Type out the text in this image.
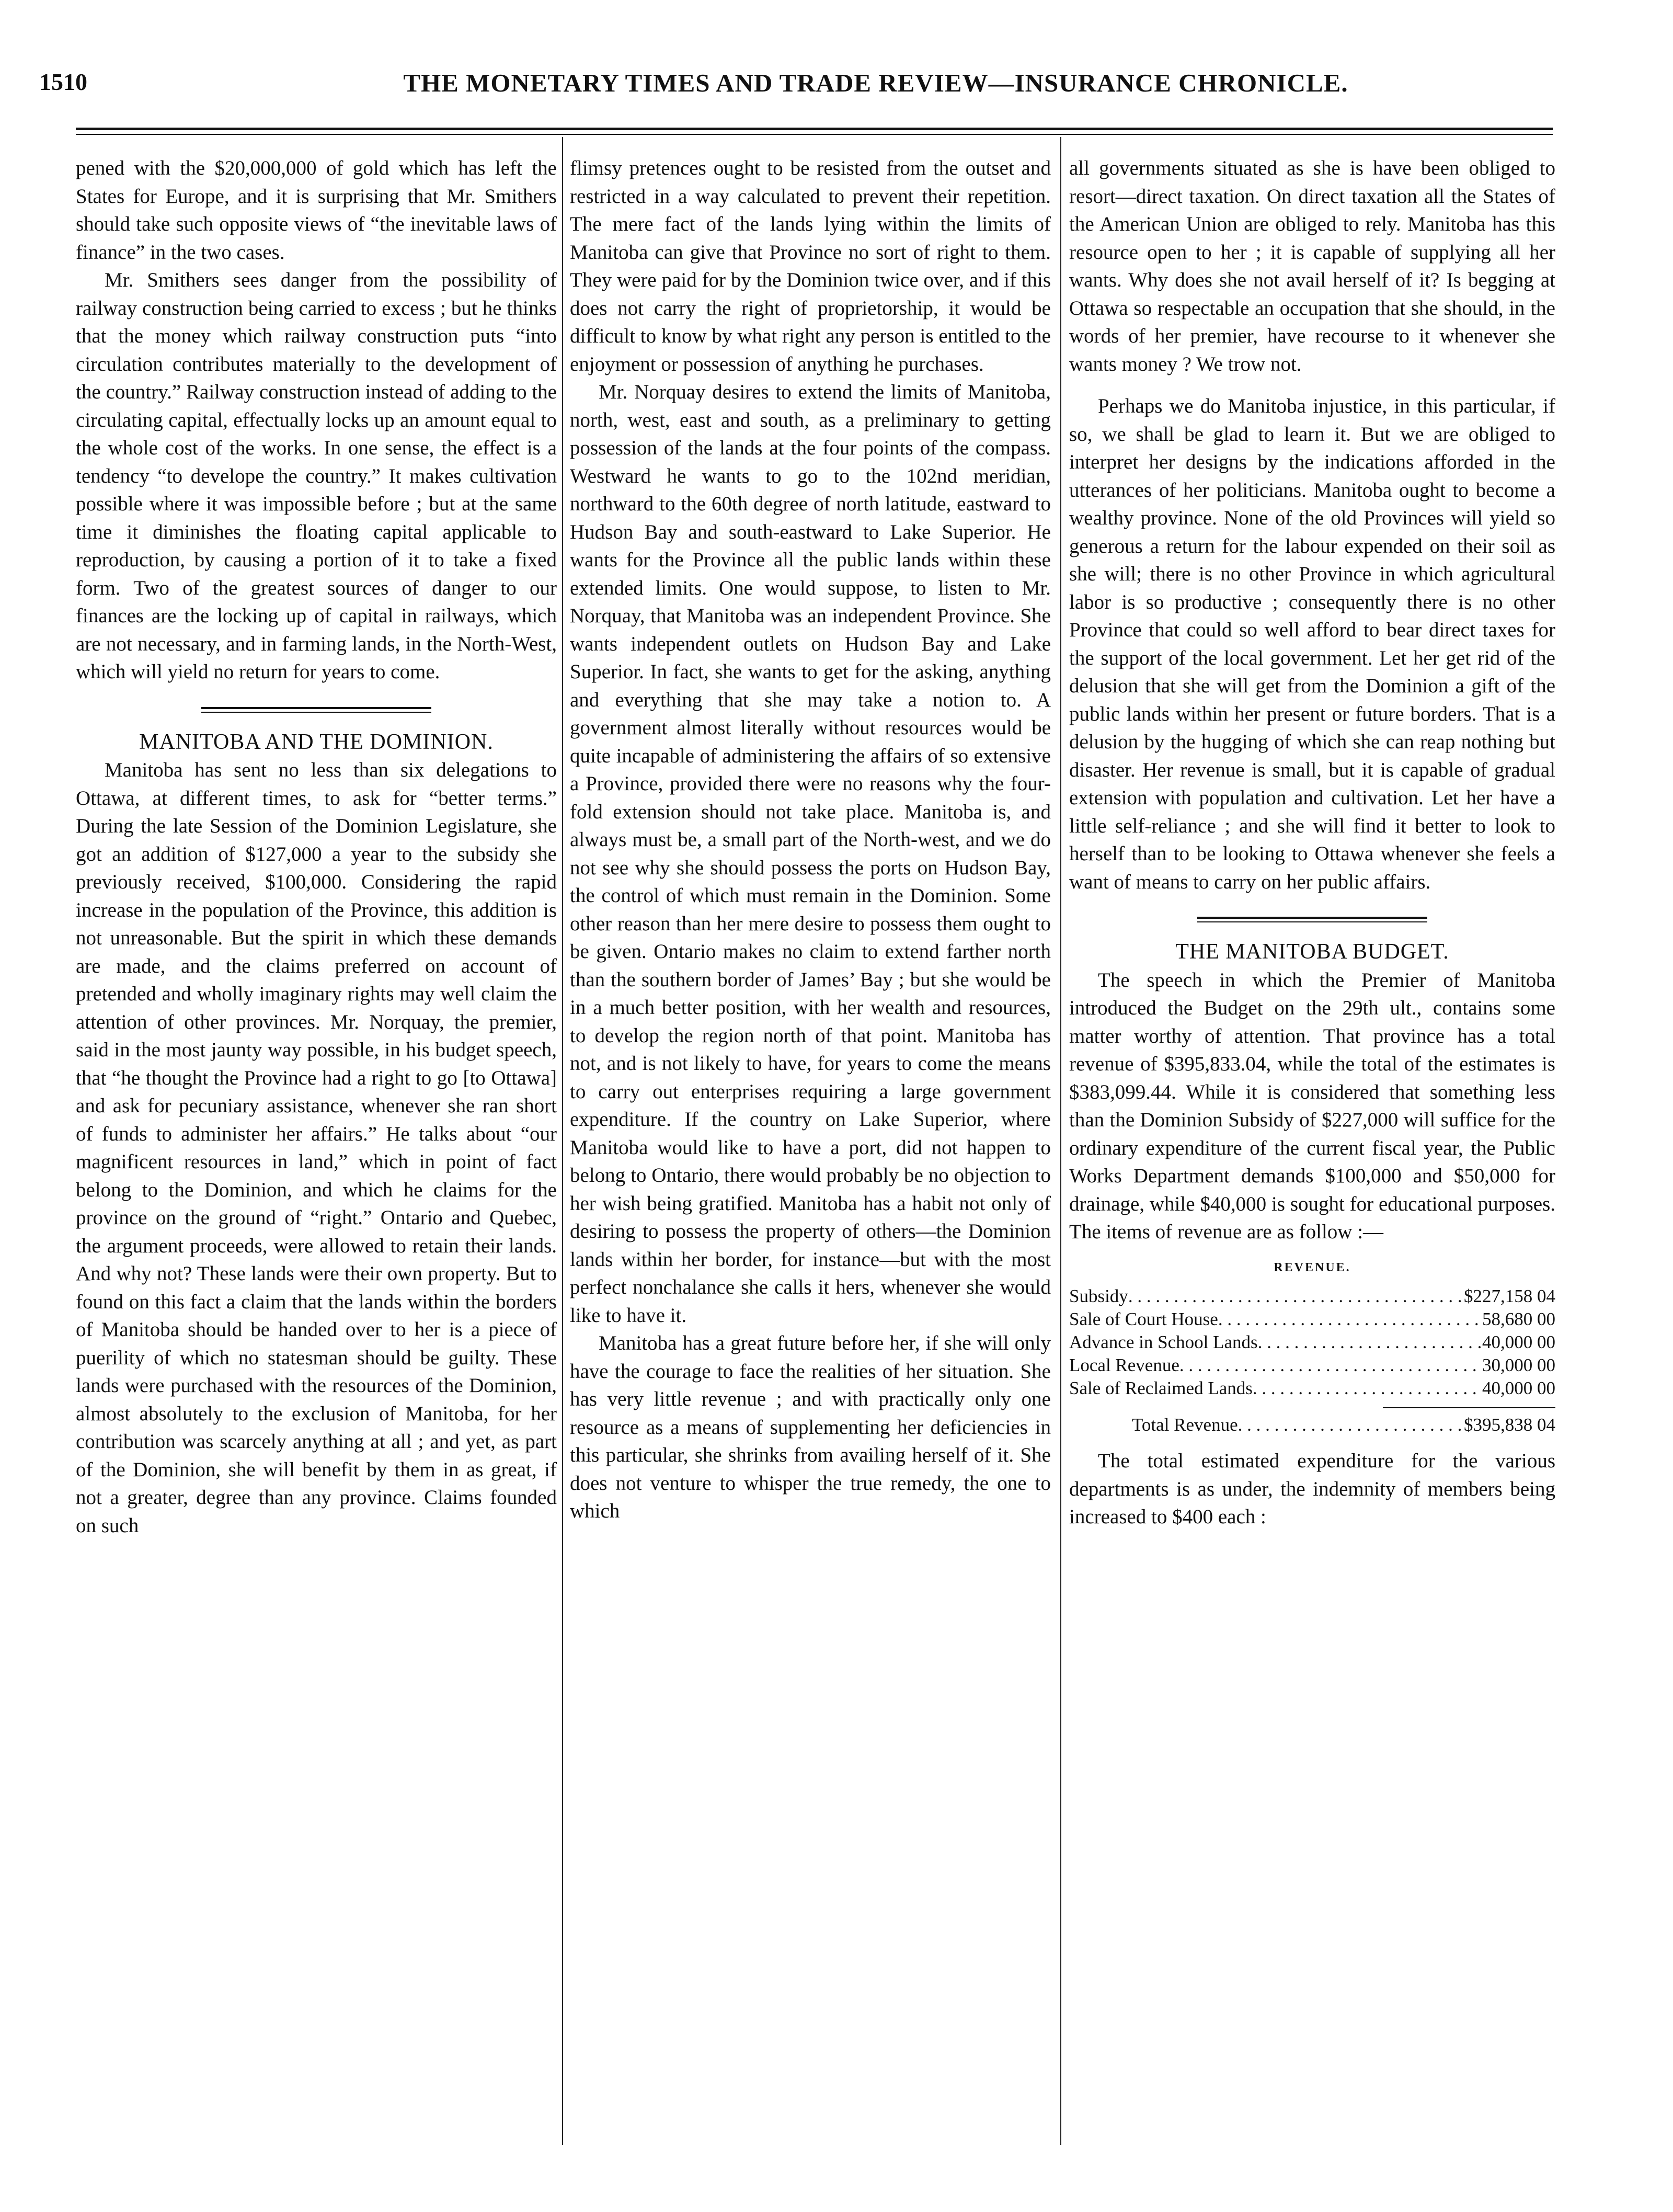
1510	THE MONETARY TIMES AND TRADE REVIEW—INSURANCE CHRONICLE.

pened with the $20,000,000 of gold which has left the States for Europe, and it is surprising that Mr. Smithers should take such opposite views of “the inevitable laws of finance” in the two cases.

Mr. Smithers sees danger from the possibility of railway construction being carried to excess ; but he thinks that the money which railway construction puts “into circulation contributes materially to the development of the country.” Railway construction instead of adding to the circulating capital, effectually locks up an amount equal to the whole cost of the works. In one sense, the effect is a tendency “to develope the country.” It makes cultivation possible where it was impossible before ; but at the same time it diminishes the floating capital applicable to reproduction, by causing a portion of it to take a fixed form. Two of the greatest sources of danger to our finances are the locking up of capital in railways, which are not necessary, and in farming lands, in the North-West, which will yield no return for years to come.

MANITOBA AND THE DOMINION.

Manitoba has sent no less than six delegations to Ottawa, at different times, to ask for “better terms.” During the late Session of the Dominion Legislature, she got an addition of $127,000 a year to the subsidy she previously received, $100,000. Considering the rapid increase in the population of the Province, this addition is not unreasonable. But the spirit in which these demands are made, and the claims preferred on account of pretended and wholly imaginary rights may well claim the attention of other provinces. Mr. Norquay, the premier, said in the most jaunty way possible, in his budget speech, that “he thought the Province had a right to go [to Ottawa] and ask for pecuniary assistance, whenever she ran short of funds to administer her affairs.” He talks about “our magnificent resources in land,” which in point of fact belong to the Dominion, and which he claims for the province on the ground of “right.” Ontario and Quebec, the argument proceeds, were allowed to retain their lands. And why not? These lands were their own property. But to found on this fact a claim that the lands within the borders of Manitoba should be handed over to her is a piece of puerility of which no statesman should be guilty. These lands were purchased with the resources of the Dominion, almost absolutely to the exclusion of Manitoba, for her contribution was scarcely anything at all ; and yet, as part of the Dominion, she will benefit by them in as great, if not a greater, degree than any province. Claims founded on such

flimsy pretences ought to be resisted from the outset and restricted in a way calculated to prevent their repetition. The mere fact of the lands lying within the limits of Manitoba can give that Province no sort of right to them. They were paid for by the Dominion twice over, and if this does not carry the right of proprietorship, it would be difficult to know by what right any person is entitled to the enjoyment or possession of anything he purchases.

Mr. Norquay desires to extend the limits of Manitoba, north, west, east and south, as a preliminary to getting possession of the lands at the four points of the compass. Westward he wants to go to the 102nd meridian, northward to the 60th degree of north latitude, eastward to Hudson Bay and south-eastward to Lake Superior. He wants for the Province all the public lands within these extended limits. One would suppose, to listen to Mr. Norquay, that Manitoba was an independent Province. She wants independent outlets on Hudson Bay and Lake Superior. In fact, she wants to get for the asking, anything and everything that she may take a notion to. A government almost literally without resources would be quite incapable of administering the affairs of so extensive a Province, provided there were no reasons why the four-fold extension should not take place. Manitoba is, and always must be, a small part of the North-west, and we do not see why she should possess the ports on Hudson Bay, the control of which must remain in the Dominion. Some other reason than her mere desire to possess them ought to be given. Ontario makes no claim to extend farther north than the southern border of James’ Bay ; but she would be in a much better position, with her wealth and resources, to develop the region north of that point. Manitoba has not, and is not likely to have, for years to come the means to carry out enterprises requiring a large government expenditure. If the country on Lake Superior, where Manitoba would like to have a port, did not happen to belong to Ontario, there would probably be no objection to her wish being gratified. Manitoba has a habit not only of desiring to possess the property of others—the Dominion lands within her border, for instance—but with the most perfect nonchalance she calls it hers, whenever she would like to have it.

Manitoba has a great future before her, if she will only have the courage to face the realities of her situation. She has very little revenue ; and with practically only one resource as a means of supplementing her deficiencies in this particular, she shrinks from availing herself of it. She does not venture to whisper the true remedy, the one to which

all governments situated as she is have been obliged to resort—direct taxation. On direct taxation all the States of the American Union are obliged to rely. Manitoba has this resource open to her ; it is capable of supplying all her wants. Why does she not avail herself of it? Is begging at Ottawa so respectable an occupation that she should, in the words of her premier, have recourse to it whenever she wants money ? We trow not.

Perhaps we do Manitoba injustice, in this particular, if so, we shall be glad to learn it. But we are obliged to interpret her designs by the indications afforded in the utterances of her politicians. Manitoba ought to become a wealthy province. None of the old Provinces will yield so generous a return for the labour expended on their soil as she will; there is no other Province in which agricultural labor is so productive ; consequently there is no other Province that could so well afford to bear direct taxes for the support of the local government. Let her get rid of the delusion that she will get from the Dominion a gift of the public lands within her present or future borders. That is a delusion by the hugging of which she can reap nothing but disaster. Her revenue is small, but it is capable of gradual extension with population and cultivation. Let her have a little self-reliance ; and she will find it better to look to herself than to be looking to Ottawa whenever she feels a want of means to carry on her public affairs.

THE MANITOBA BUDGET.

The speech in which the Premier of Manitoba introduced the Budget on the 29th ult., contains some matter worthy of attention. That province has a total revenue of $395,833.04, while the total of the estimates is $383,099.44. While it is considered that something less than the Dominion Subsidy of $227,000 will suffice for the ordinary expenditure of the current fiscal year, the Public Works Department demands $100,000 and $50,000 for drainage, while $40,000 is sought for educational purposes. The items of revenue are as follow :—

REVENUE.
Subsidy . . .	$227,158 04
Sale of Court House . . .	58,680 00
Advance in School Lands . . .	40,000 00
Local Revenue . . .	30,000 00
Sale of Reclaimed Lands . . .	40,000 00
Total Revenue . . .	$395,838 04

The total estimated expenditure for the various departments is as under, the indemnity of members being increased to $400 each :
